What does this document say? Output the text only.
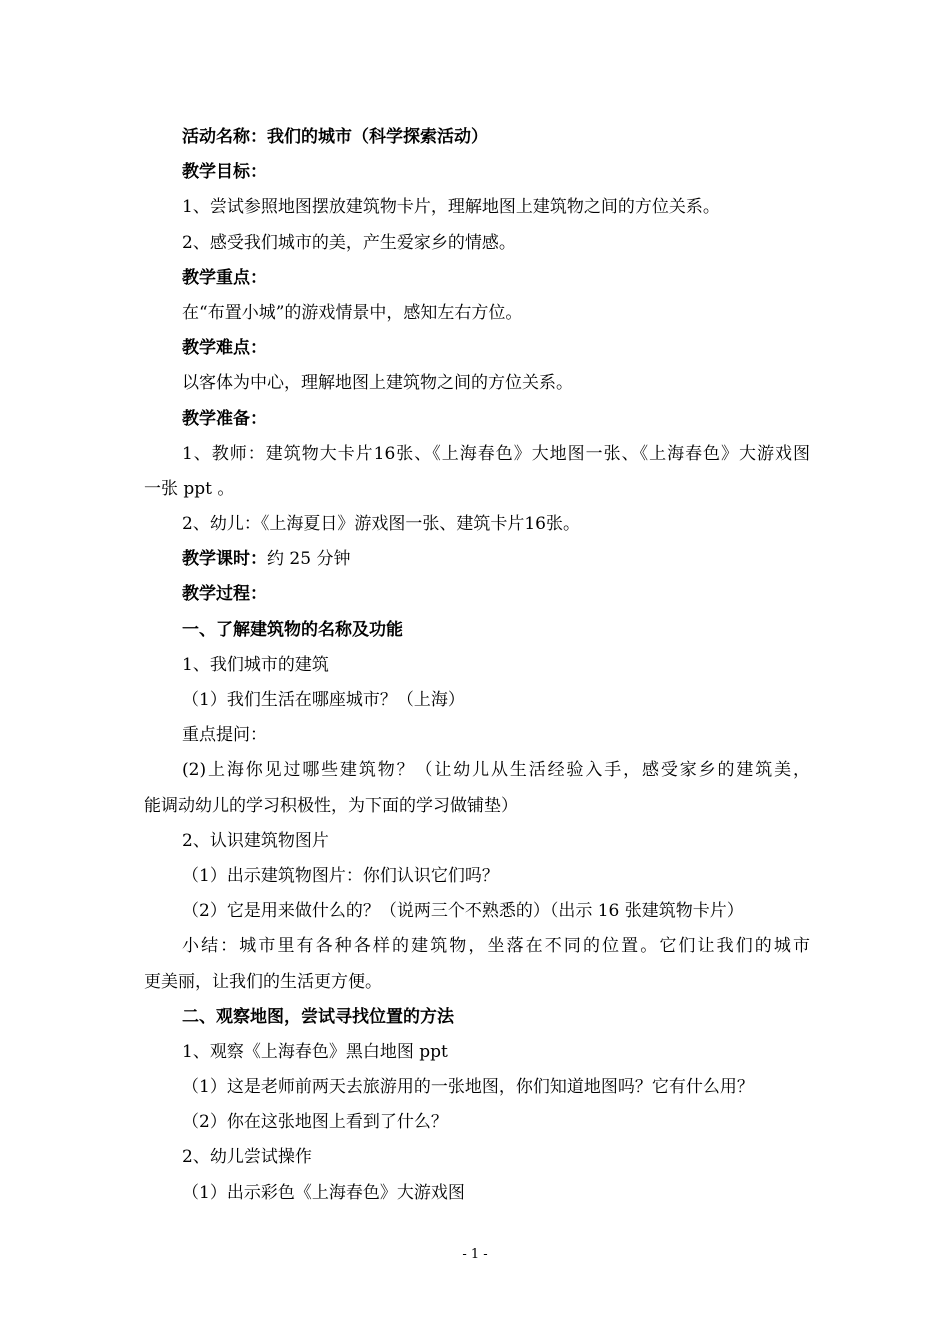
活动名称：我们的城市（科学探索活动）
教学目标：
1、尝试参照地图摆放建筑物卡片，理解地图上建筑物之间的方位关系。
2、感受我们城市的美，产生爱家乡的情感。
教学重点：
在“布置小城”的游戏情景中，感知左右方位。
教学难点：
以客体为中心，理解地图上建筑物之间的方位关系。
教学准备：
1、教师：建筑物大卡片16张、《上海春色》大地图一张、《上海春色》大游戏图
一张 ppt 。
2、幼儿：《上海夏日》游戏图一张、建筑卡片16张。
教学课时：约 25 分钟
教学过程：
一、了解建筑物的名称及功能
1、我们城市的建筑
（1）我们生活在哪座城市？（上海）
重点提问：
(2)上海你见过哪些建筑物？（让幼儿从生活经验入手，感受家乡的建筑美，
能调动幼儿的学习积极性，为下面的学习做铺垫）
2、认识建筑物图片
（1）出示建筑物图片：你们认识它们吗？
（2）它是用来做什么的？（说两三个不熟悉的）（出示 16 张建筑物卡片）
小结：城市里有各种各样的建筑物，坐落在不同的位置。它们让我们的城市
更美丽，让我们的生活更方便。
二、观察地图，尝试寻找位置的方法
1、观察《上海春色》黑白地图 ppt
（1）这是老师前两天去旅游用的一张地图，你们知道地图吗？它有什么用？
（2）你在这张地图上看到了什么？
2、幼儿尝试操作
（1）出示彩色《上海春色》大游戏图
- 1 -
